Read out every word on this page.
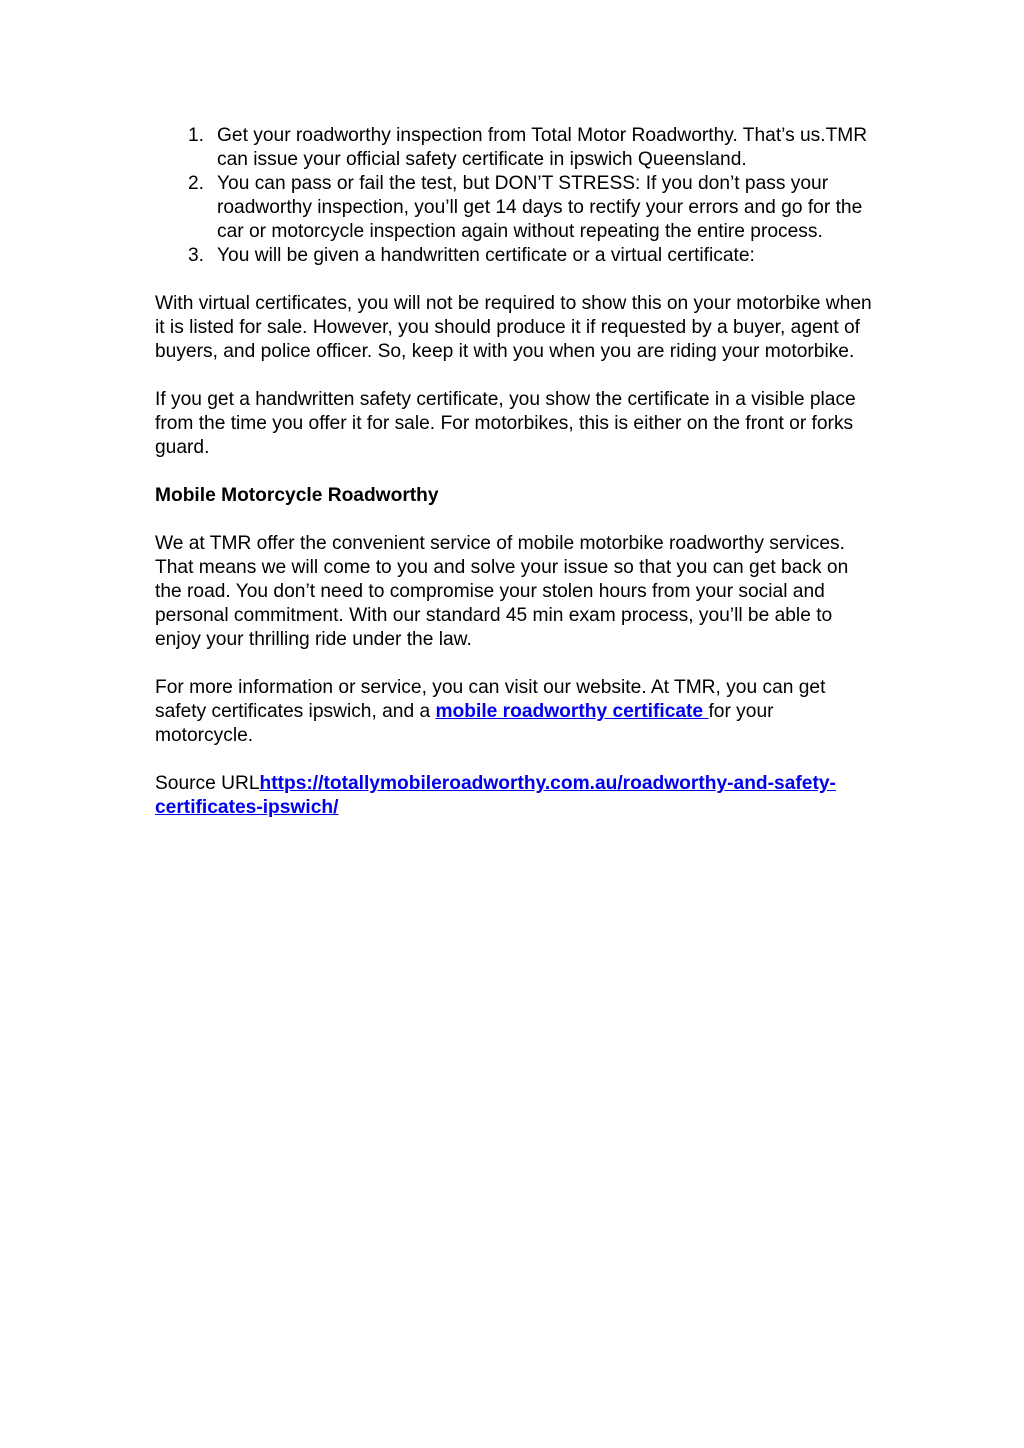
1. Get your roadworthy inspection from Total Motor Roadworthy. That’s us.TMR can issue your official safety certificate in ipswich Queensland.
2. You can pass or fail the test, but DON’T STRESS: If you don’t pass your roadworthy inspection, you’ll get 14 days to rectify your errors and go for the car or motorcycle inspection again without repeating the entire process.
3. You will be given a handwritten certificate or a virtual certificate:

With virtual certificates, you will not be required to show this on your motorbike when it is listed for sale. However, you should produce it if requested by a buyer, agent of buyers, and police officer. So, keep it with you when you are riding your motorbike.

If you get a handwritten safety certificate, you show the certificate in a visible place from the time you offer it for sale. For motorbikes, this is either on the front or forks guard.

Mobile Motorcycle Roadworthy

We at TMR offer the convenient service of mobile motorbike roadworthy services. That means we will come to you and solve your issue so that you can get back on the road. You don’t need to compromise your stolen hours from your social and personal commitment. With our standard 45 min exam process, you’ll be able to enjoy your thrilling ride under the law.

For more information or service, you can visit our website. At TMR, you can get safety certificates ipswich, and a mobile roadworthy certificate for your motorcycle.

Source URLhttps://totallymobileroadworthy.com.au/roadworthy-and-safety-certificates-ipswich/
